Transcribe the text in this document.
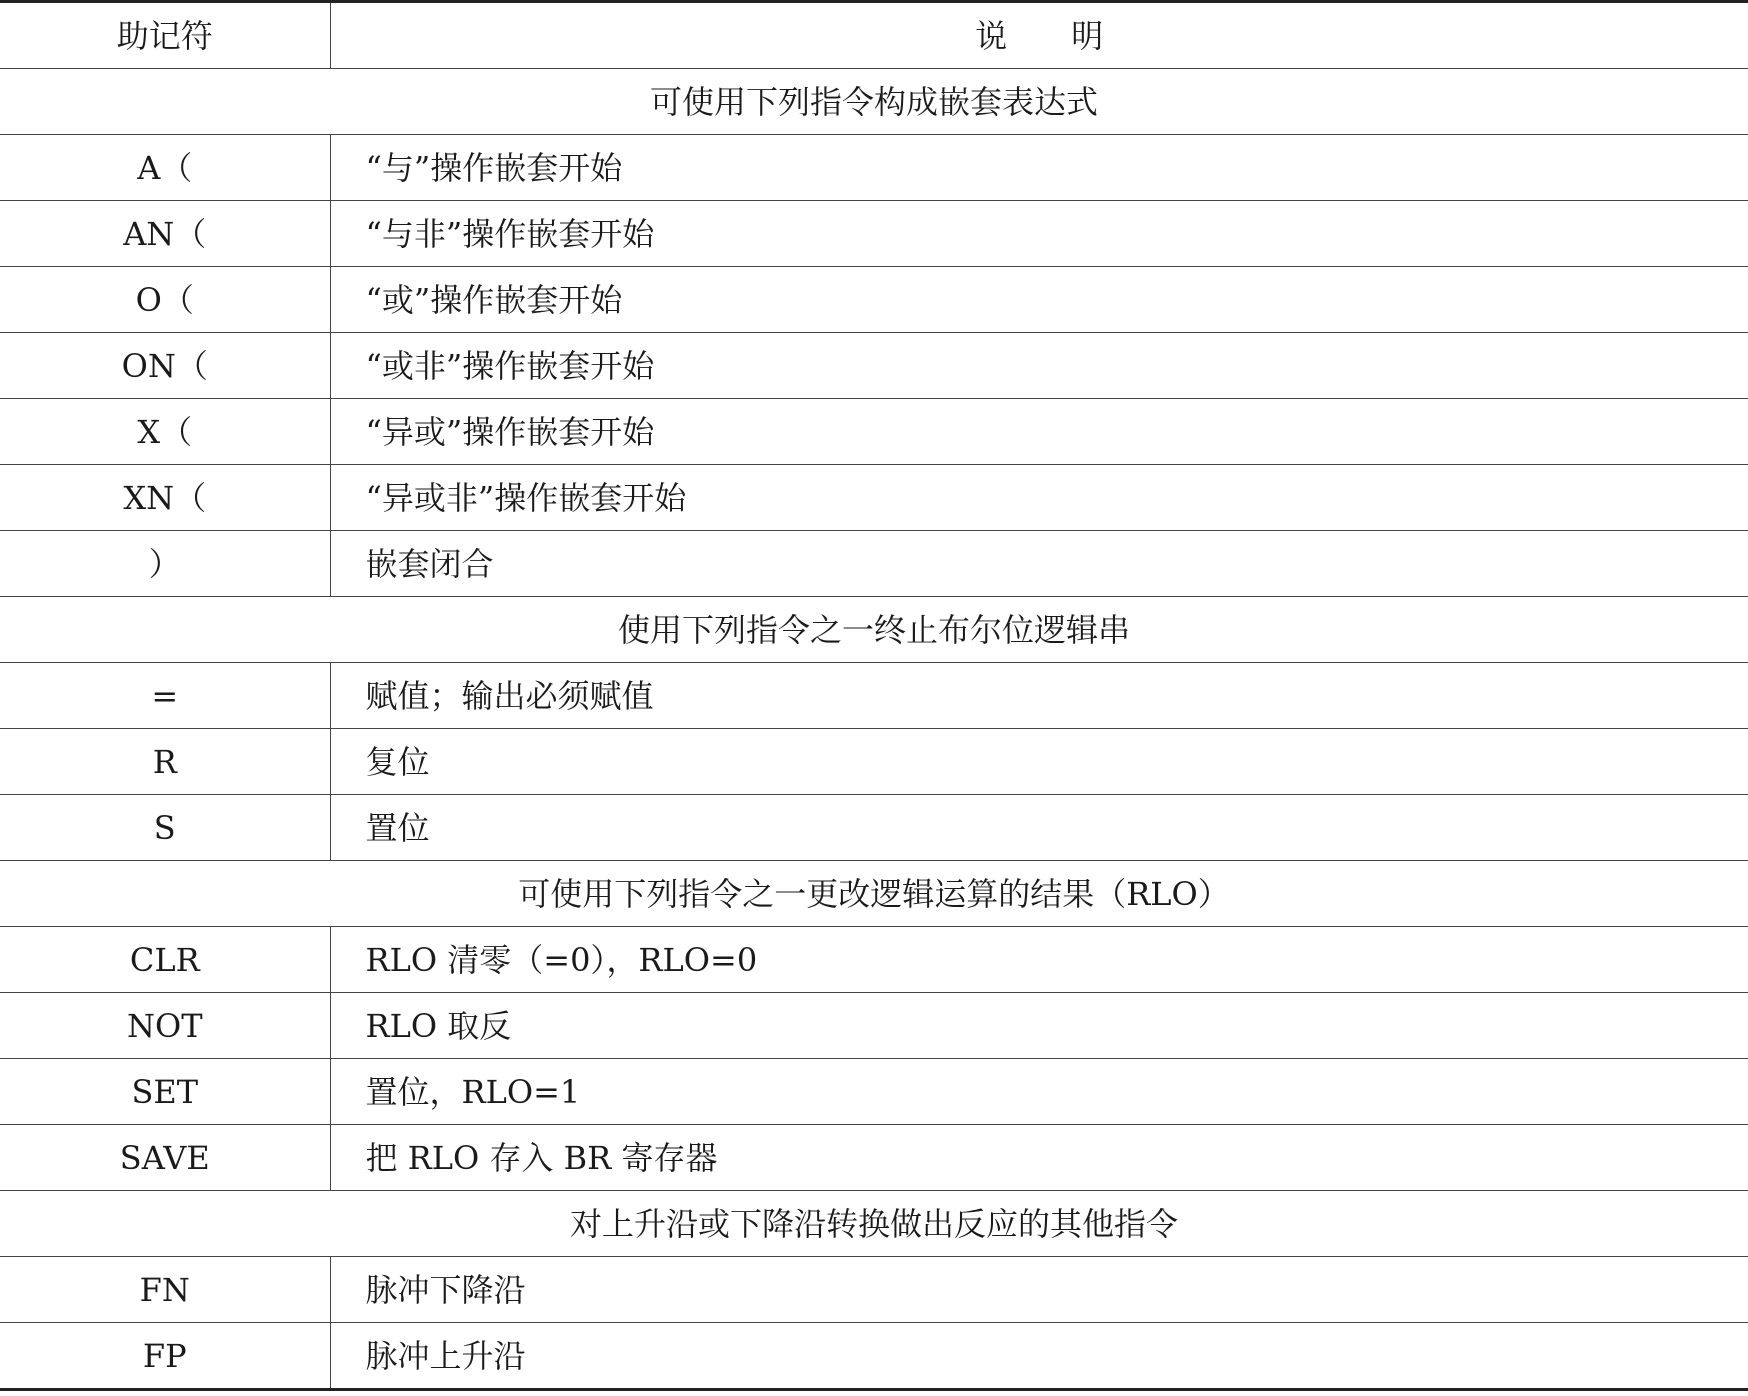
助记符	说　　明
可使用下列指令构成嵌套表达式	
A（	“与”操作嵌套开始
AN（	“与非”操作嵌套开始
O（	“或”操作嵌套开始
ON（	“或非”操作嵌套开始
X（	“异或”操作嵌套开始
XN（	“异或非”操作嵌套开始
）	嵌套闭合
使用下列指令之一终止布尔位逻辑串	
=	赋值；输出必须赋值
R	复位
S	置位
可使用下列指令之一更改逻辑运算的结果（RLO）	
CLR	RLO 清零（=0），RLO=0
NOT	RLO 取反
SET	置位，RLO=1
SAVE	把 RLO 存入 BR 寄存器
对上升沿或下降沿转换做出反应的其他指令	
FN	脉冲下降沿
FP	脉冲上升沿
